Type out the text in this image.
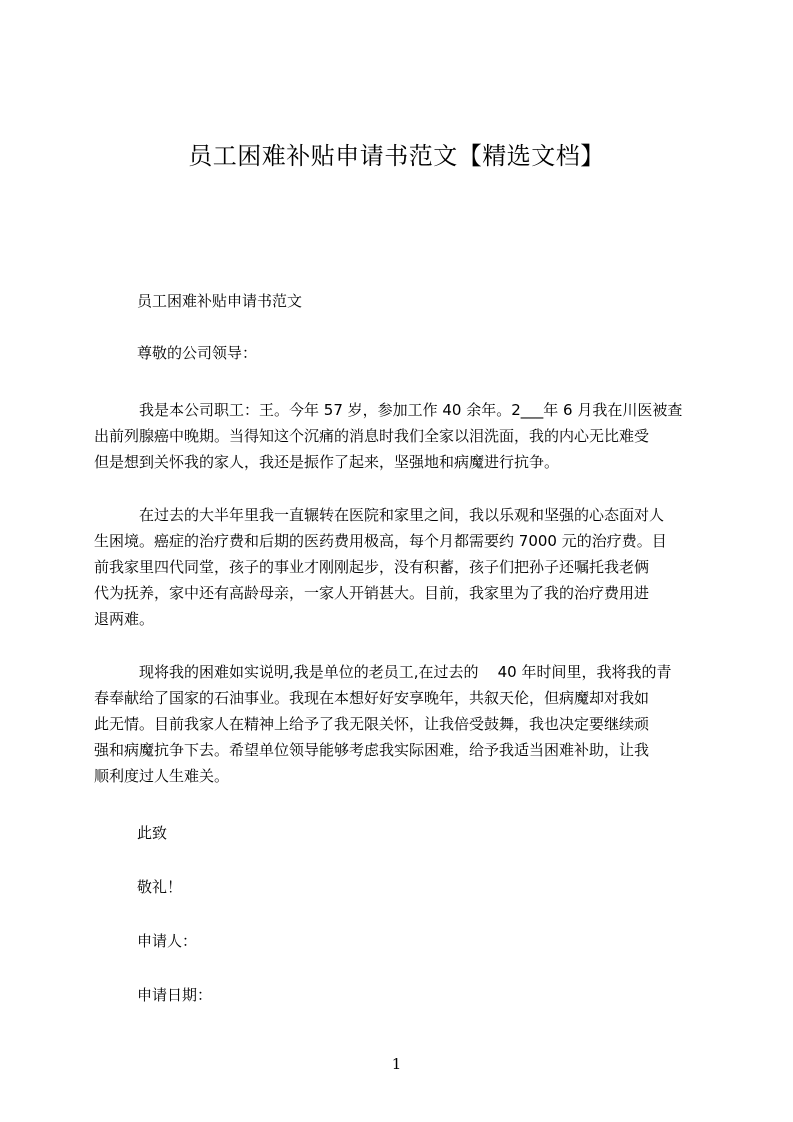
员工困难补贴申请书范文【精选文档】
员工困难补贴申请书范文
尊敬的公司领导：
我是本公司职工：王。今年 57 岁，参加工作 40 余年。2___年 6 月我在川医被查
出前列腺癌中晚期。当得知这个沉痛的消息时我们全家以泪洗面，我的内心无比难受
但是想到关怀我的家人，我还是振作了起来，坚强地和病魔进行抗争。
在过去的大半年里我一直辗转在医院和家里之间，我以乐观和坚强的心态面对人
生困境。癌症的治疗费和后期的医药费用极高，每个月都需要约 7000 元的治疗费。目
前我家里四代同堂，孩子的事业才刚刚起步，没有积蓄，孩子们把孙子还嘱托我老俩
代为抚养，家中还有高龄母亲，一家人开销甚大。目前，我家里为了我的治疗费用进
退两难。
现将我的困难如实说明,我是单位的老员工,在过去的    40 年时间里，我将我的青
春奉献给了国家的石油事业。我现在本想好好安享晚年，共叙天伦，但病魔却对我如
此无情。目前我家人在精神上给予了我无限关怀，让我倍受鼓舞，我也决定要继续顽
强和病魔抗争下去。希望单位领导能够考虑我实际困难，给予我适当困难补助，让我
顺利度过人生难关。
此致
敬礼！
申请人：
申请日期：
1
